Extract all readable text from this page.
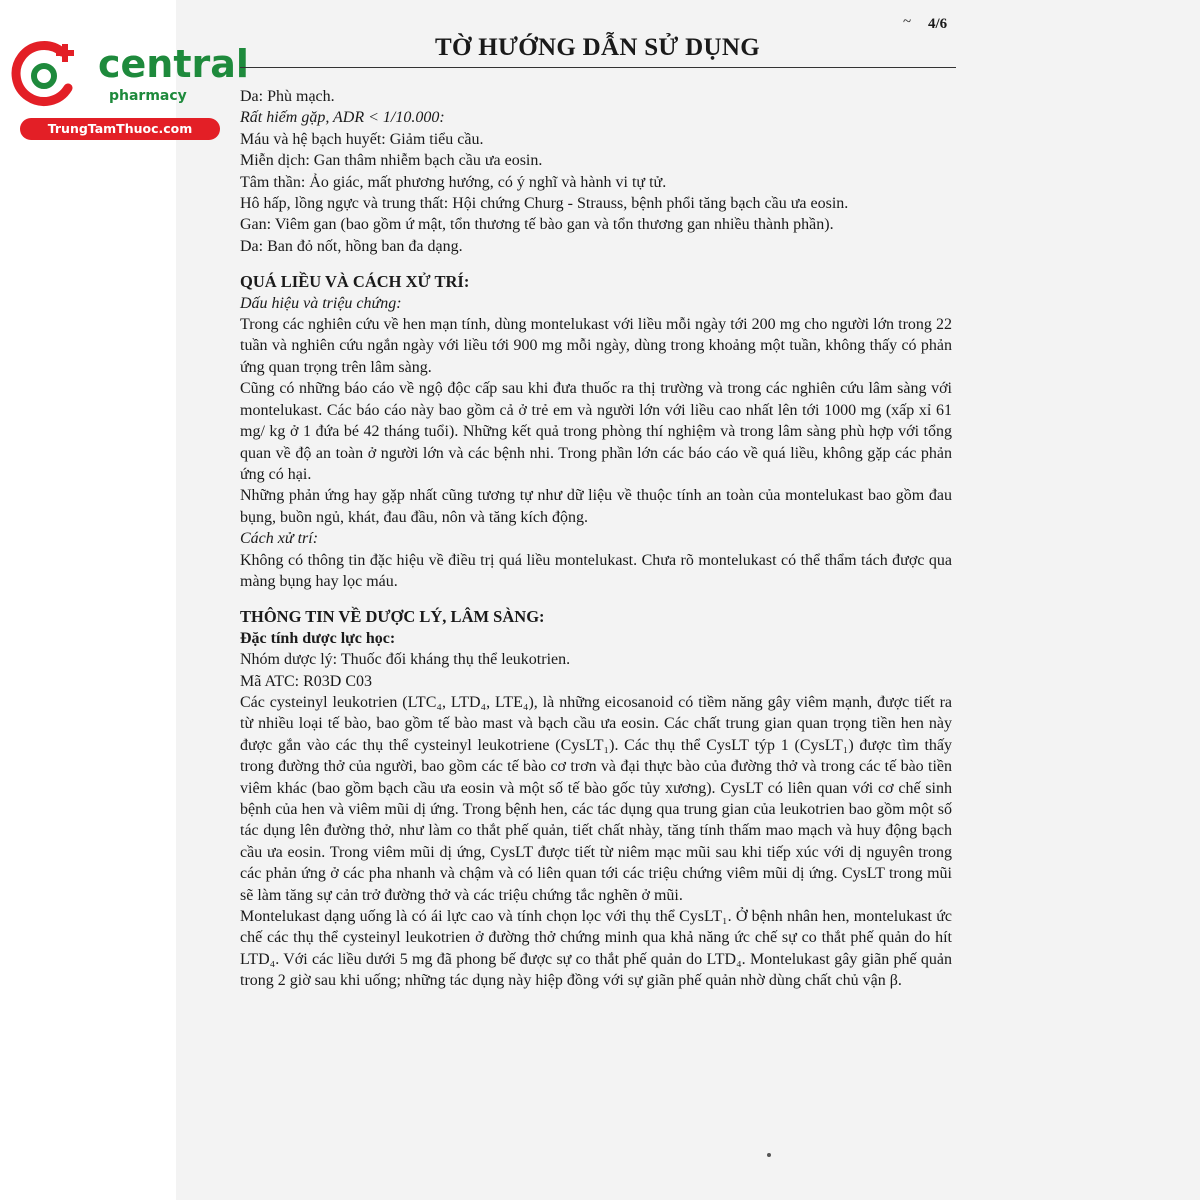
central
pharmacy
TrungTamThuoc.com
~ 4/6
TỜ HƯỚNG DẪN SỬ DỤNG

Da: Phù mạch.

Rất hiếm gặp, ADR < 1/10.000:

Máu và hệ bạch huyết: Giảm tiểu cầu.

Miễn dịch: Gan thâm nhiễm bạch cầu ưa eosin.

Tâm thần: Ảo giác, mất phương hướng, có ý nghĩ và hành vi tự tử.

Hô hấp, lồng ngực và trung thất: Hội chứng Churg - Strauss, bệnh phổi tăng bạch cầu ưa eosin.

Gan: Viêm gan (bao gồm ứ mật, tổn thương tế bào gan và tổn thương gan nhiều thành phần).

Da: Ban đỏ nốt, hồng ban đa dạng.

QUÁ LIỀU VÀ CÁCH XỬ TRÍ:

Dấu hiệu và triệu chứng:

Trong các nghiên cứu về hen mạn tính, dùng montelukast với liều mỗi ngày tới 200 mg cho người lớn trong 22 tuần và nghiên cứu ngắn ngày với liều tới 900 mg mỗi ngày, dùng trong khoảng một tuần, không thấy có phản ứng quan trọng trên lâm sàng.

Cũng có những báo cáo về ngộ độc cấp sau khi đưa thuốc ra thị trường và trong các nghiên cứu lâm sàng với montelukast. Các báo cáo này bao gồm cả ở trẻ em và người lớn với liều cao nhất lên tới 1000 mg (xấp xỉ 61 mg/ kg ở 1 đứa bé 42 tháng tuổi). Những kết quả trong phòng thí nghiệm và trong lâm sàng phù hợp với tổng quan về độ an toàn ở người lớn và các bệnh nhi. Trong phần lớn các báo cáo về quá liều, không gặp các phản ứng có hại.

Những phản ứng hay gặp nhất cũng tương tự như dữ liệu về thuộc tính an toàn của montelukast bao gồm đau bụng, buồn ngủ, khát, đau đầu, nôn và tăng kích động.

Cách xử trí:

Không có thông tin đặc hiệu về điều trị quá liều montelukast. Chưa rõ montelukast có thể thẩm tách được qua màng bụng hay lọc máu.

THÔNG TIN VỀ DƯỢC LÝ, LÂM SÀNG:

Đặc tính dược lực học:

Nhóm dược lý: Thuốc đối kháng thụ thể leukotrien.

Mã ATC: R03D C03

Các cysteinyl leukotrien (LTC₄, LTD₄, LTE₄), là những eicosanoid có tiềm năng gây viêm mạnh, được tiết ra từ nhiều loại tế bào, bao gồm tế bào mast và bạch cầu ưa eosin. Các chất trung gian quan trọng tiền hen này được gắn vào các thụ thể cysteinyl leukotriene (CysLT₁). Các thụ thể CysLT týp 1 (CysLT₁) được tìm thấy trong đường thở của người, bao gồm các tế bào cơ trơn và đại thực bào của đường thở và trong các tế bào tiền viêm khác (bao gồm bạch cầu ưa eosin và một số tế bào gốc tủy xương). CysLT có liên quan với cơ chế sinh bệnh của hen và viêm mũi dị ứng. Trong bệnh hen, các tác dụng qua trung gian của leukotrien bao gồm một số tác dụng lên đường thở, như làm co thắt phế quản, tiết chất nhày, tăng tính thấm mao mạch và huy động bạch cầu ưa eosin. Trong viêm mũi dị ứng, CysLT được tiết từ niêm mạc mũi sau khi tiếp xúc với dị nguyên trong các phản ứng ở các pha nhanh và chậm và có liên quan tới các triệu chứng viêm mũi dị ứng. CysLT trong mũi sẽ làm tăng sự cản trở đường thở và các triệu chứng tắc nghẽn ở mũi.

Montelukast dạng uống là có ái lực cao và tính chọn lọc với thụ thể CysLT₁. Ở bệnh nhân hen, montelukast ức chế các thụ thể cysteinyl leukotrien ở đường thở chứng minh qua khả năng ức chế sự co thắt phế quản do hít LTD₄. Với các liều dưới 5 mg đã phong bế được sự co thắt phế quản do LTD₄. Montelukast gây giãn phế quản trong 2 giờ sau khi uống; những tác dụng này hiệp đồng với sự giãn phế quản nhờ dùng chất chủ vận β.
